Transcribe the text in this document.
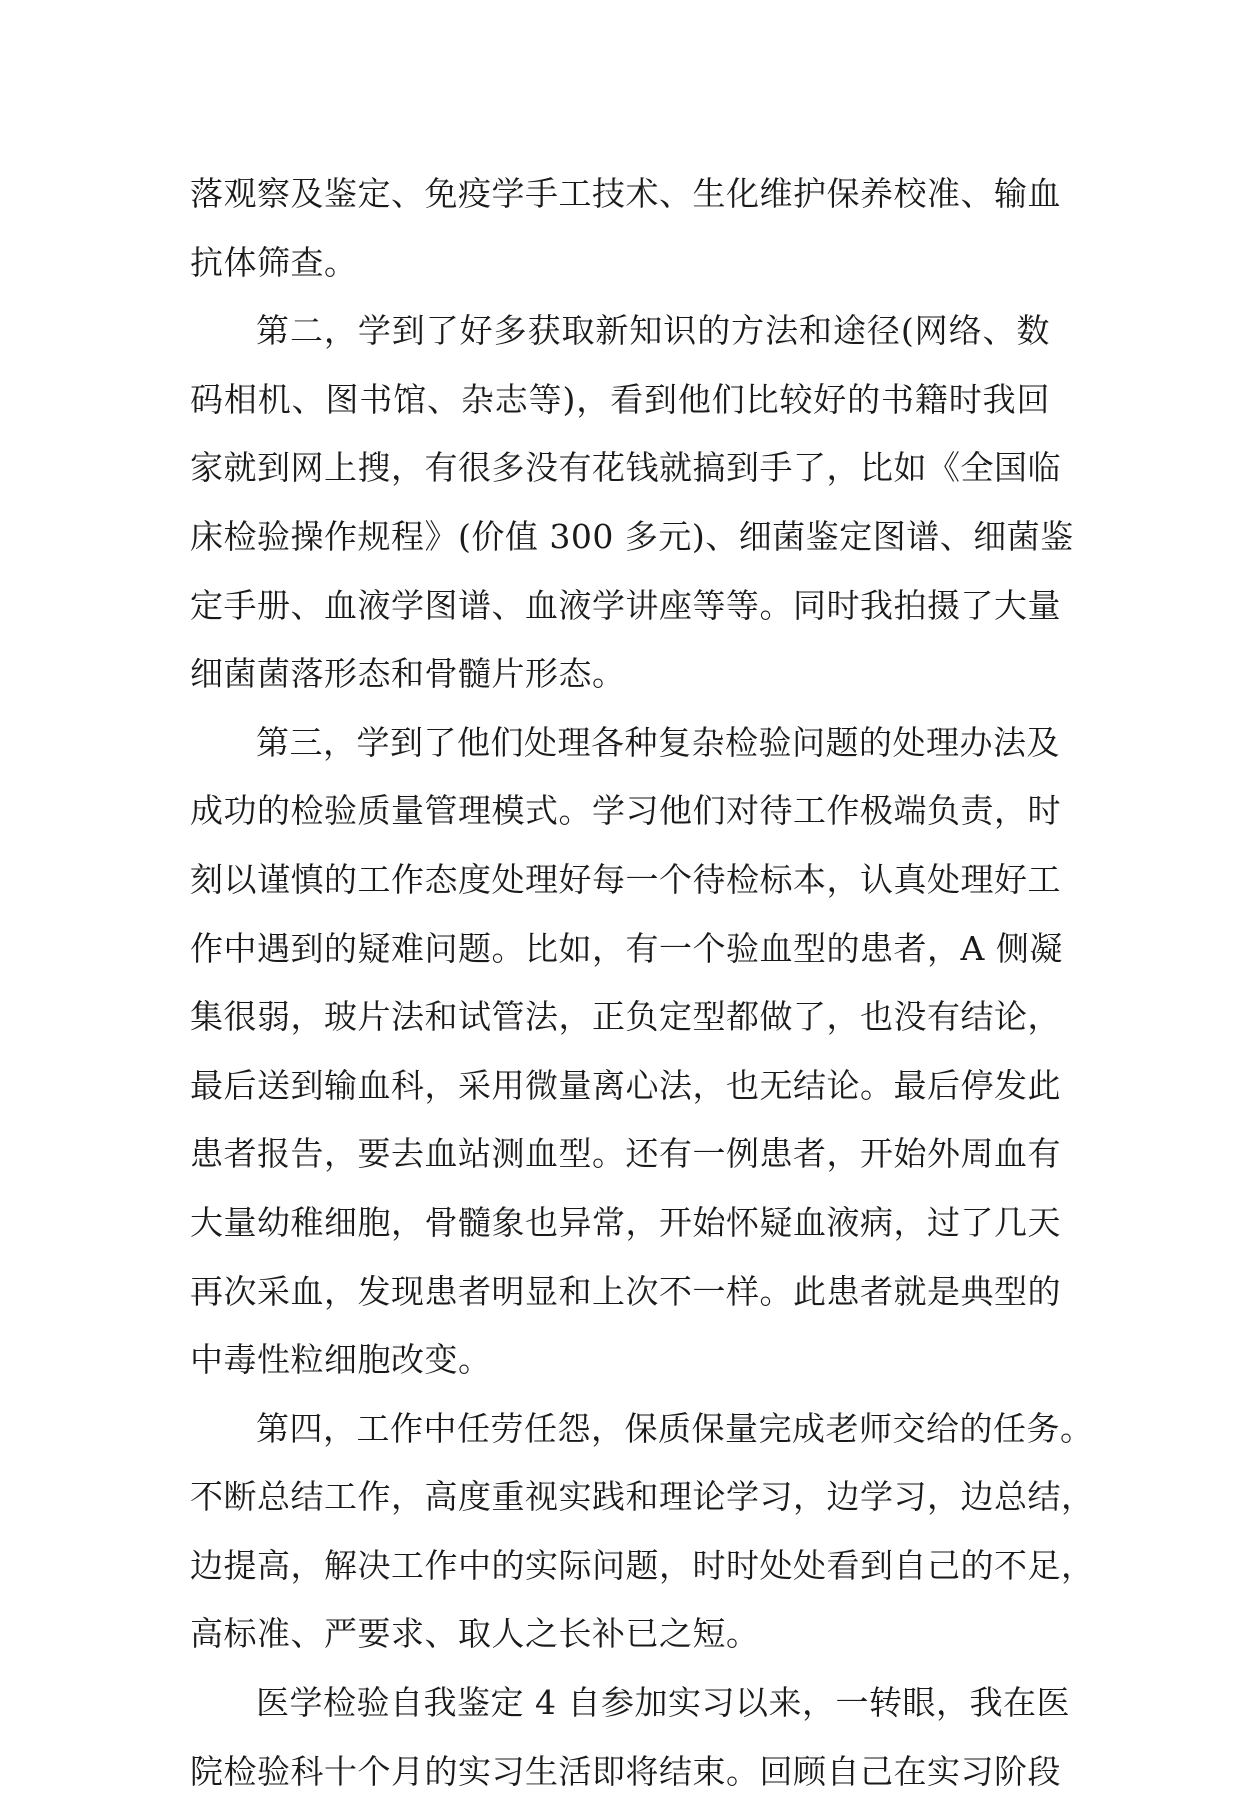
落观察及鉴定、免疫学手工技术、生化维护保养校准、输血
抗体筛查。
第二，学到了好多获取新知识的方法和途径(网络、数
码相机、图书馆、杂志等)，看到他们比较好的书籍时我回
家就到网上搜，有很多没有花钱就搞到手了，比如《全国临
床检验操作规程》(价值 300 多元)、细菌鉴定图谱、细菌鉴
定手册、血液学图谱、血液学讲座等等。同时我拍摄了大量
细菌菌落形态和骨髓片形态。
第三，学到了他们处理各种复杂检验问题的处理办法及
成功的检验质量管理模式。学习他们对待工作极端负责，时
刻以谨慎的工作态度处理好每一个待检标本，认真处理好工
作中遇到的疑难问题。比如，有一个验血型的患者，A 侧凝
集很弱，玻片法和试管法，正负定型都做了，也没有结论，
最后送到输血科，采用微量离心法，也无结论。最后停发此
患者报告，要去血站测血型。还有一例患者，开始外周血有
大量幼稚细胞，骨髓象也异常，开始怀疑血液病，过了几天
再次采血，发现患者明显和上次不一样。此患者就是典型的
中毒性粒细胞改变。
第四，工作中任劳任怨，保质保量完成老师交给的任务。
不断总结工作，高度重视实践和理论学习，边学习，边总结，
边提高，解决工作中的实际问题，时时处处看到自己的不足，
高标准、严要求、取人之长补已之短。
医学检验自我鉴定 4 自参加实习以来，一转眼，我在医
院检验科十个月的实习生活即将结束。回顾自己在实习阶段
